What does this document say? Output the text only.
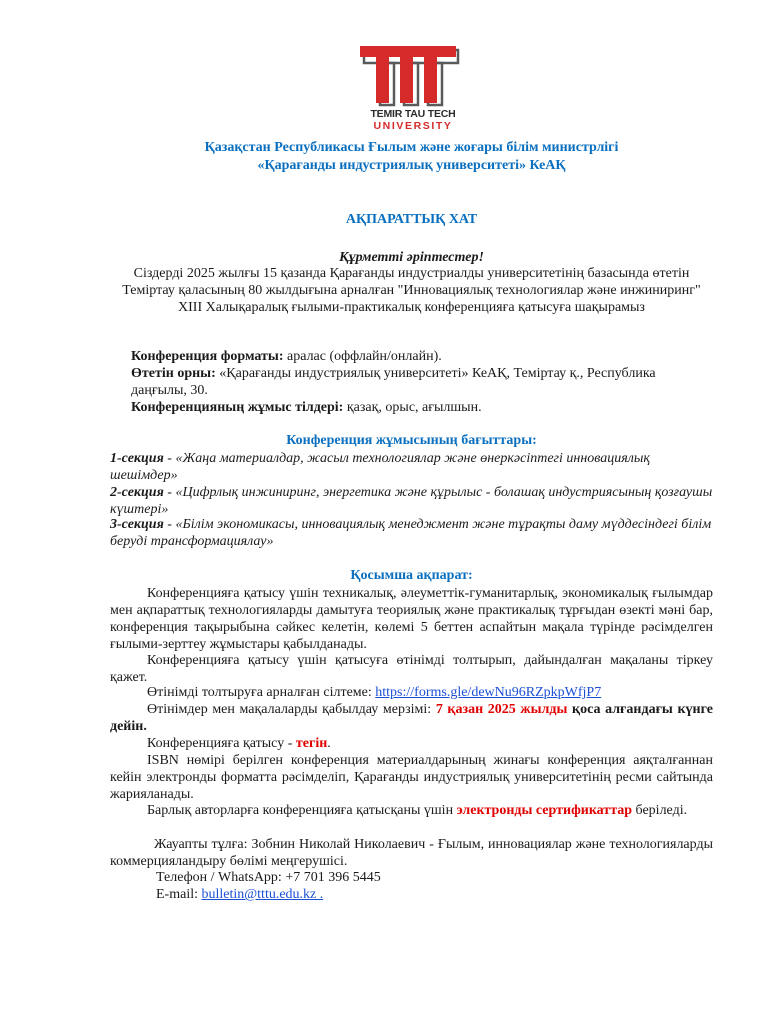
TEMIR TAU TECH
UNIVERSITY
Қазақстан Республикасы Ғылым және жоғары білім министрлігі
«Қарағанды индустриялық университеті» КеАҚ
АҚПАРАТТЫҚ ХАТ
Құрметті әріптестер!
Сіздерді 2025 жылғы 15 қазанда Қарағанды индустриалды университетінің базасында өтетін Теміртау қаласының 80 жылдығына арналған "Инновациялық технологиялар және инжиниринг" XIII Халықаралық ғылыми-практикалық конференцияға қатысуға шақырамыз
Конференция форматы: аралас (оффлайн/онлайн).
Өтетін орны: «Қарағанды индустриялық университеті» КеАҚ, Теміртау қ., Республика даңғылы, 30.
Конференцияның жұмыс тілдері: қазақ, орыс, ағылшын.
Конференция жұмысының бағыттары:
1-секция - «Жаңа материалдар, жасыл технологиялар және өнеркәсіптегі инновациялық шешімдер»
2-секция - «Цифрлық инжиниринг, энергетика және құрылыс - болашақ индустриясының қозғаушы күштері»
3-секция - «Білім экономикасы, инновациялық менеджмент және тұрақты даму мүддесіндегі білім беруді трансформациялау»
Қосымша ақпарат:
Конференцияға қатысу үшін техникалық, әлеуметтік-гуманитарлық, экономикалық ғылымдар мен ақпараттық технологияларды дамытуға теориялық және практикалық тұрғыдан өзекті мәні бар, конференция тақырыбына сәйкес келетін, көлемі 5 беттен аспайтын мақала түрінде рәсімделген ғылыми-зерттеу жұмыстары қабылданады.
Конференцияға қатысу үшін қатысуға өтінімді толтырып, дайындалған мақаланы тіркеу қажет.
Өтінімді толтыруға арналған сілтеме: https://forms.gle/dewNu96RZpkpWfjP7
Өтінімдер мен мақалаларды қабылдау мерзімі: 7 қазан 2025 жылды қоса алғандағы күнге дейін.
Конференцияға қатысу - тегін.
ISBN нөмірі берілген конференция материалдарының жинағы конференция аяқталғаннан кейін электронды форматта рәсімделіп, Қарағанды индустриялық университетінің ресми сайтында жарияланады.
Барлық авторларға конференцияға қатысқаны үшін электронды сертификаттар беріледі.
Жауапты тұлға: Зобнин Николай Николаевич - Ғылым, инновациялар және технологияларды коммерцияландыру бөлімі меңгерушісі.
Телефон / WhatsApp: +7 701 396 5445
E-mail: bulletin@tttu.edu.kz .
